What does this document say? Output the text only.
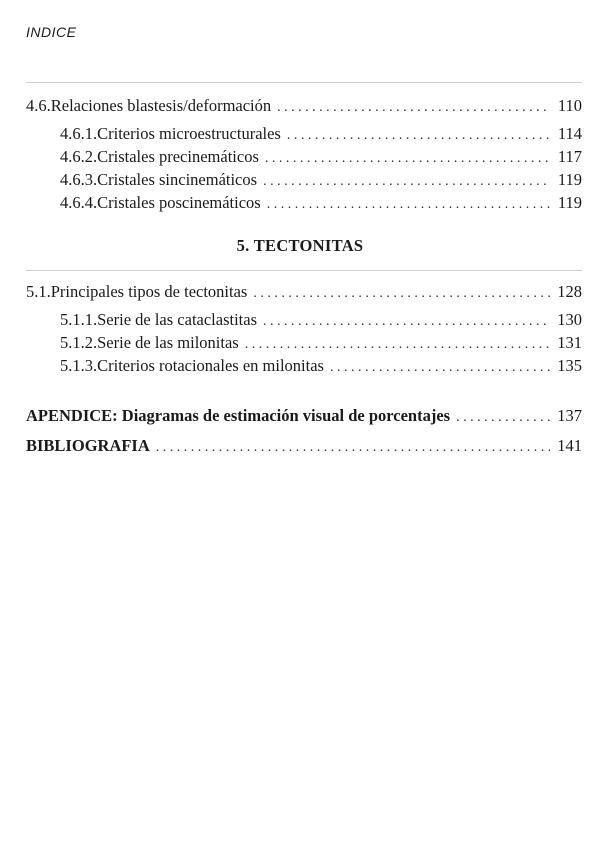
INDICE
4.6. Relaciones blastesis/deformación . . .	110
4.6.1. Criterios microestructurales . . .	114
4.6.2. Cristales precinemáticos . . .	117
4.6.3. Cristales sincinemáticos . . .	119
4.6.4. Cristales poscinemáticos . . .	119
5. TECTONITAS
5.1. Principales tipos de tectonitas . . .	128
5.1.1. Serie de las cataclastitas . . .	130
5.1.2. Serie de las milonitas . . .	131
5.1.3. Criterios rotacionales en milonitas . . .	135
APENDICE: Diagramas de estimación visual de porcentajes . . .	137
BIBLIOGRAFIA . . .	141
